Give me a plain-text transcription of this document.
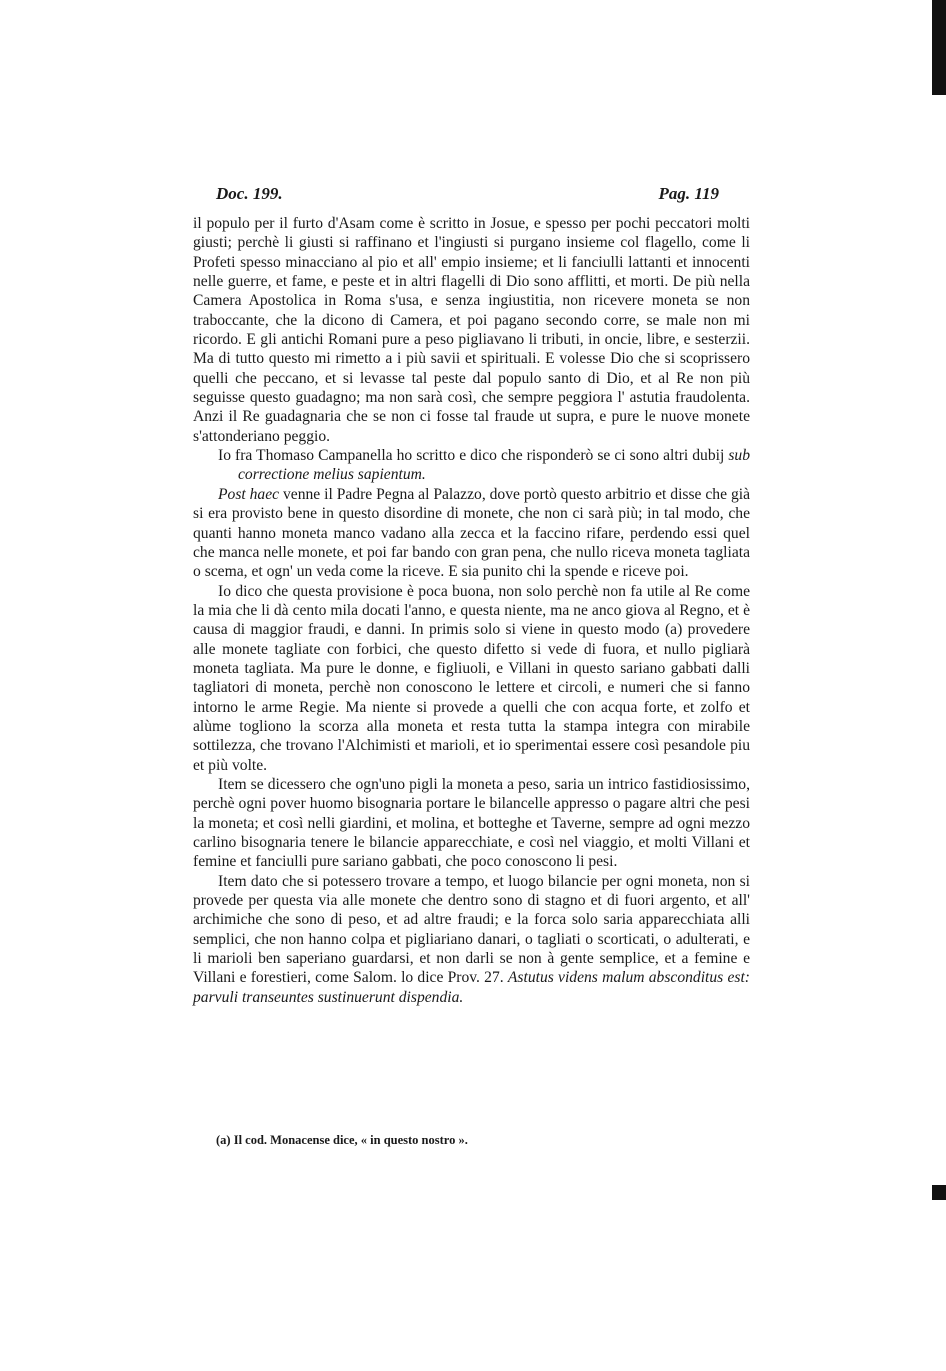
Doc. 199.	Pag. 119

il populo per il furto d'Asam come è scritto in Josue, e spesso per pochi peccatori molti giusti; perchè li giusti si raffinano et l'ingiusti si purgano insieme col flagello, come li Profeti spesso minacciano al pio et all' empio insieme; et li fanciulli lattanti et innocenti nelle guerre, et fame, e peste et in altri flagelli di Dio sono afflitti, et morti. De più nella Camera Apostolica in Roma s'usa, e senza ingiustitia, non ricevere moneta se non traboccante, che la dicono di Camera, et poi pagano secondo corre, se male non mi ricordo. E gli antichi Romani pure a peso pigliavano li tributi, in oncie, libre, e sesterzii. Ma di tutto questo mi rimetto a i più savii et spirituali. E volesse Dio che si scoprissero quelli che peccano, et si levasse tal peste dal populo santo di Dio, et al Re non più seguisse questo guadagno; ma non sarà così, che sempre peggiora l' astutia fraudolenta. Anzi il Re guadagnaria che se non ci fosse tal fraude ut supra, e pure le nuove monete s'attonderiano peggio.

Io fra Thomaso Campanella ho scritto e dico che risponderò se ci sono altri dubij sub correctione melius sapientum.

Post haec venne il Padre Pegna al Palazzo, dove portò questo arbitrio et disse che già si era provisto bene in questo disordine di monete, che non ci sarà più; in tal modo, che quanti hanno moneta manco vadano alla zecca et la faccino rifare, perdendo essi quel che manca nelle monete, et poi far bando con gran pena, che nullo riceva moneta tagliata o scema, et ogn' un veda come la riceve. E sia punito chi la spende e riceve poi.

Io dico che questa provisione è poca buona, non solo perchè non fa utile al Re come la mia che li dà cento mila docati l'anno, e questa niente, ma ne anco giova al Regno, et è causa di maggior fraudi, e danni. In primis solo si viene in questo modo (a) provedere alle monete tagliate con forbici, che questo difetto si vede di fuora, et nullo pigliarà moneta tagliata. Ma pure le donne, e figliuoli, e Villani in questo sariano gabbati dalli tagliatori di moneta, perchè non conoscono le lettere et circoli, e numeri che si fanno intorno le arme Regie. Ma niente si provede a quelli che con acqua forte, et zolfo et alùme togliono la scorza alla moneta et resta tutta la stampa integra con mirabile sottilezza, che trovano l'Alchimisti et marioli, et io sperimentai essere così pesandole piu et più volte.

Item se dicessero che ogn'uno pigli la moneta a peso, saria un intrico fastidiosissimo, perchè ogni pover huomo bisognaria portare le bilancelle appresso o pagare altri che pesi la moneta; et così nelli giardini, et molina, et botteghe et Taverne, sempre ad ogni mezzo carlino bisognaria tenere le bilancie apparecchiate, e così nel viaggio, et molti Villani et femine et fanciulli pure sariano gabbati, che poco conoscono li pesi.

Item dato che si potessero trovare a tempo, et luogo bilancie per ogni moneta, non si provede per questa via alle monete che dentro sono di stagno et di fuori argento, et all' archimiche che sono di peso, et ad altre fraudi; e la forca solo saria apparecchiata alli semplici, che non hanno colpa et pigliariano danari, o tagliati o scorticati, o adulterati, e li marioli ben saperiano guardarsi, et non darli se non à gente semplice, et a femine e Villani e forestieri, come Salom. lo dice Prov. 27. Astutus videns malum absconditus est: parvuli transeuntes sustinuerunt dispendia.

(a) Il cod. Monacense dice, « in questo nostro ».
